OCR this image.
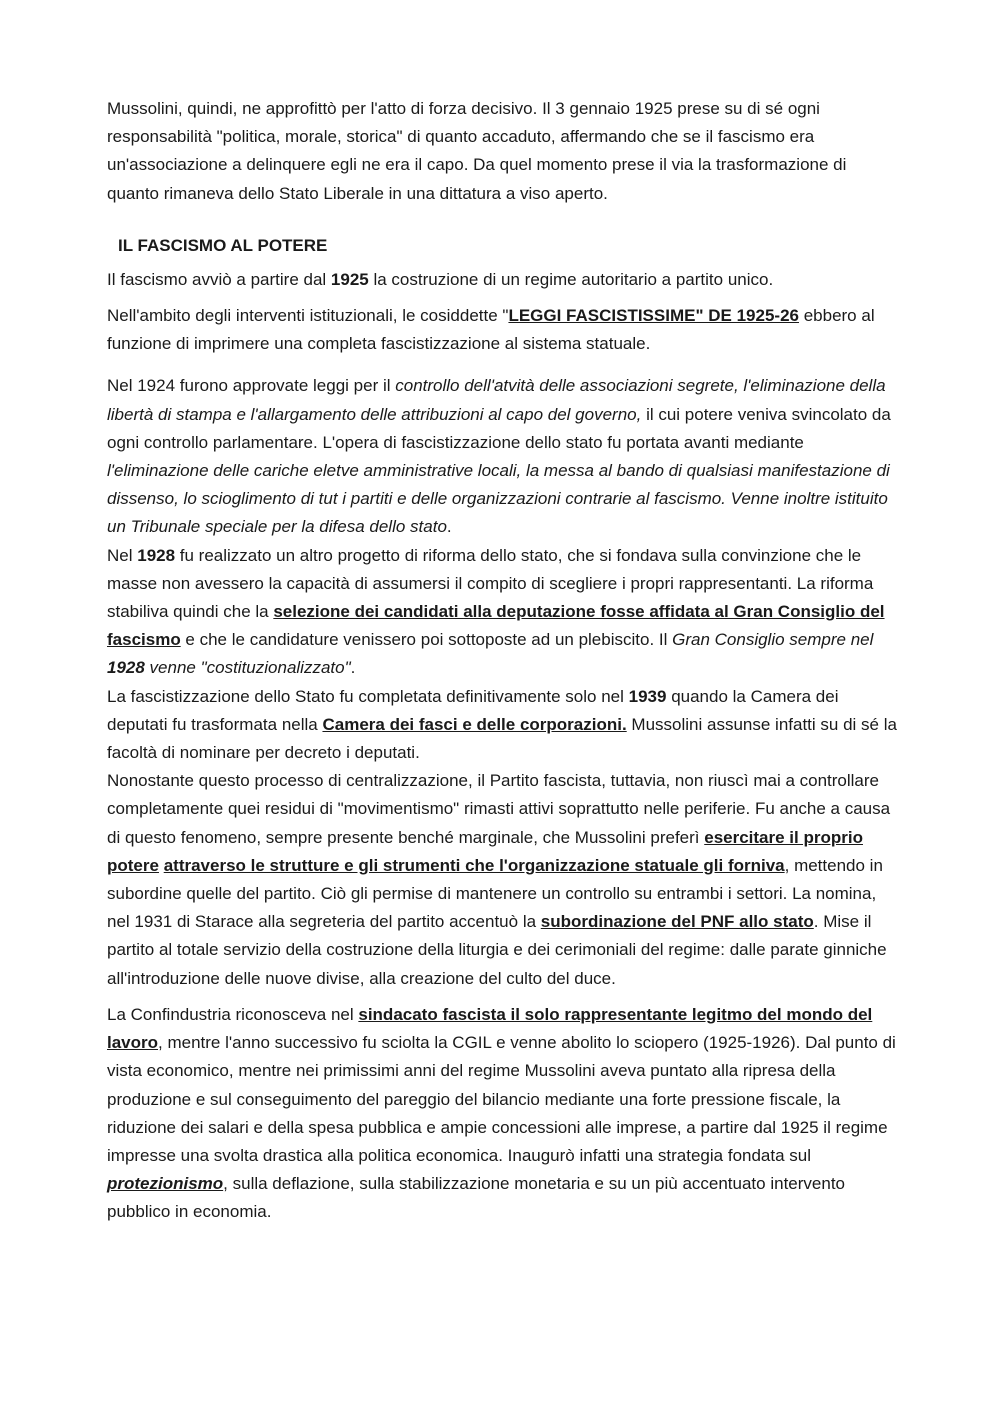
Mussolini, quindi, ne approfittò per l'atto di forza decisivo. Il 3 gennaio 1925 prese su di sé ogni responsabilità "politica, morale, storica" di quanto accaduto, affermando che se il fascismo era un'associazione a delinquere egli ne era il capo. Da quel momento prese il via la trasformazione di quanto rimaneva dello Stato Liberale in una dittatura a viso aperto.

IL FASCISMO AL POTERE

Il fascismo avviò a partire dal 1925 la costruzione di un regime autoritario a partito unico.

Nell'ambito degli interventi istituzionali, le cosiddette "LEGGI FASCISTISSIME" DE 1925-26 ebbero al funzione di imprimere una completa fascistizzazione al sistema statuale.

Nel 1924 furono approvate leggi per il controllo dell'atvità delle associazioni segrete, l'eliminazione della libertà di stampa e l'allargamento delle attribuzioni al capo del governo, il cui potere veniva svincolato da ogni controllo parlamentare. L'opera di fascistizzazione dello stato fu portata avanti mediante l'eliminazione delle cariche eletve amministrative locali, la messa al bando di qualsiasi manifestazione di dissenso, lo scioglimento di tut i partiti e delle organizzazioni contrarie al fascismo. Venne inoltre istituito un Tribunale speciale per la difesa dello stato.

Nel 1928 fu realizzato un altro progetto di riforma dello stato, che si fondava sulla convinzione che le masse non avessero la capacità di assumersi il compito di scegliere i propri rappresentanti. La riforma stabiliva quindi che la selezione dei candidati alla deputazione fosse affidata al Gran Consiglio del fascismo e che le candidature venissero poi sottoposte ad un plebiscito. Il Gran Consiglio sempre nel 1928 venne "costituzionalizzato".

La fascistizzazione dello Stato fu completata definitivamente solo nel 1939 quando la Camera dei deputati fu trasformata nella Camera dei fasci e delle corporazioni. Mussolini assunse infatti su di sé la facoltà di nominare per decreto i deputati.

Nonostante questo processo di centralizzazione, il Partito fascista, tuttavia, non riuscì mai a controllare completamente quei residui di "movimentismo" rimasti attivi soprattutto nelle periferie. Fu anche a causa di questo fenomeno, sempre presente benché marginale, che Mussolini preferì esercitare il proprio potere attraverso le strutture e gli strumenti che l'organizzazione statuale gli forniva, mettendo in subordine quelle del partito. Ciò gli permise di mantenere un controllo su entrambi i settori. La nomina, nel 1931 di Starace alla segreteria del partito accentuò la subordinazione del PNF allo stato. Mise il partito al totale servizio della costruzione della liturgia e dei cerimoniali del regime: dalle parate ginniche all'introduzione delle nuove divise, alla creazione del culto del duce.

La Confindustria riconosceva nel sindacato fascista il solo rappresentante legitmo del mondo del lavoro, mentre l'anno successivo fu sciolta la CGIL e venne abolito lo sciopero (1925-1926). Dal punto di vista economico, mentre nei primissimi anni del regime Mussolini aveva puntato alla ripresa della produzione e sul conseguimento del pareggio del bilancio mediante una forte pressione fiscale, la riduzione dei salari e della spesa pubblica e ampie concessioni alle imprese, a partire dal 1925 il regime impresse una svolta drastica alla politica economica. Inaugurò infatti una strategia fondata sul protezionismo, sulla deflazione, sulla stabilizzazione monetaria e su un più accentuato intervento pubblico in economia.
